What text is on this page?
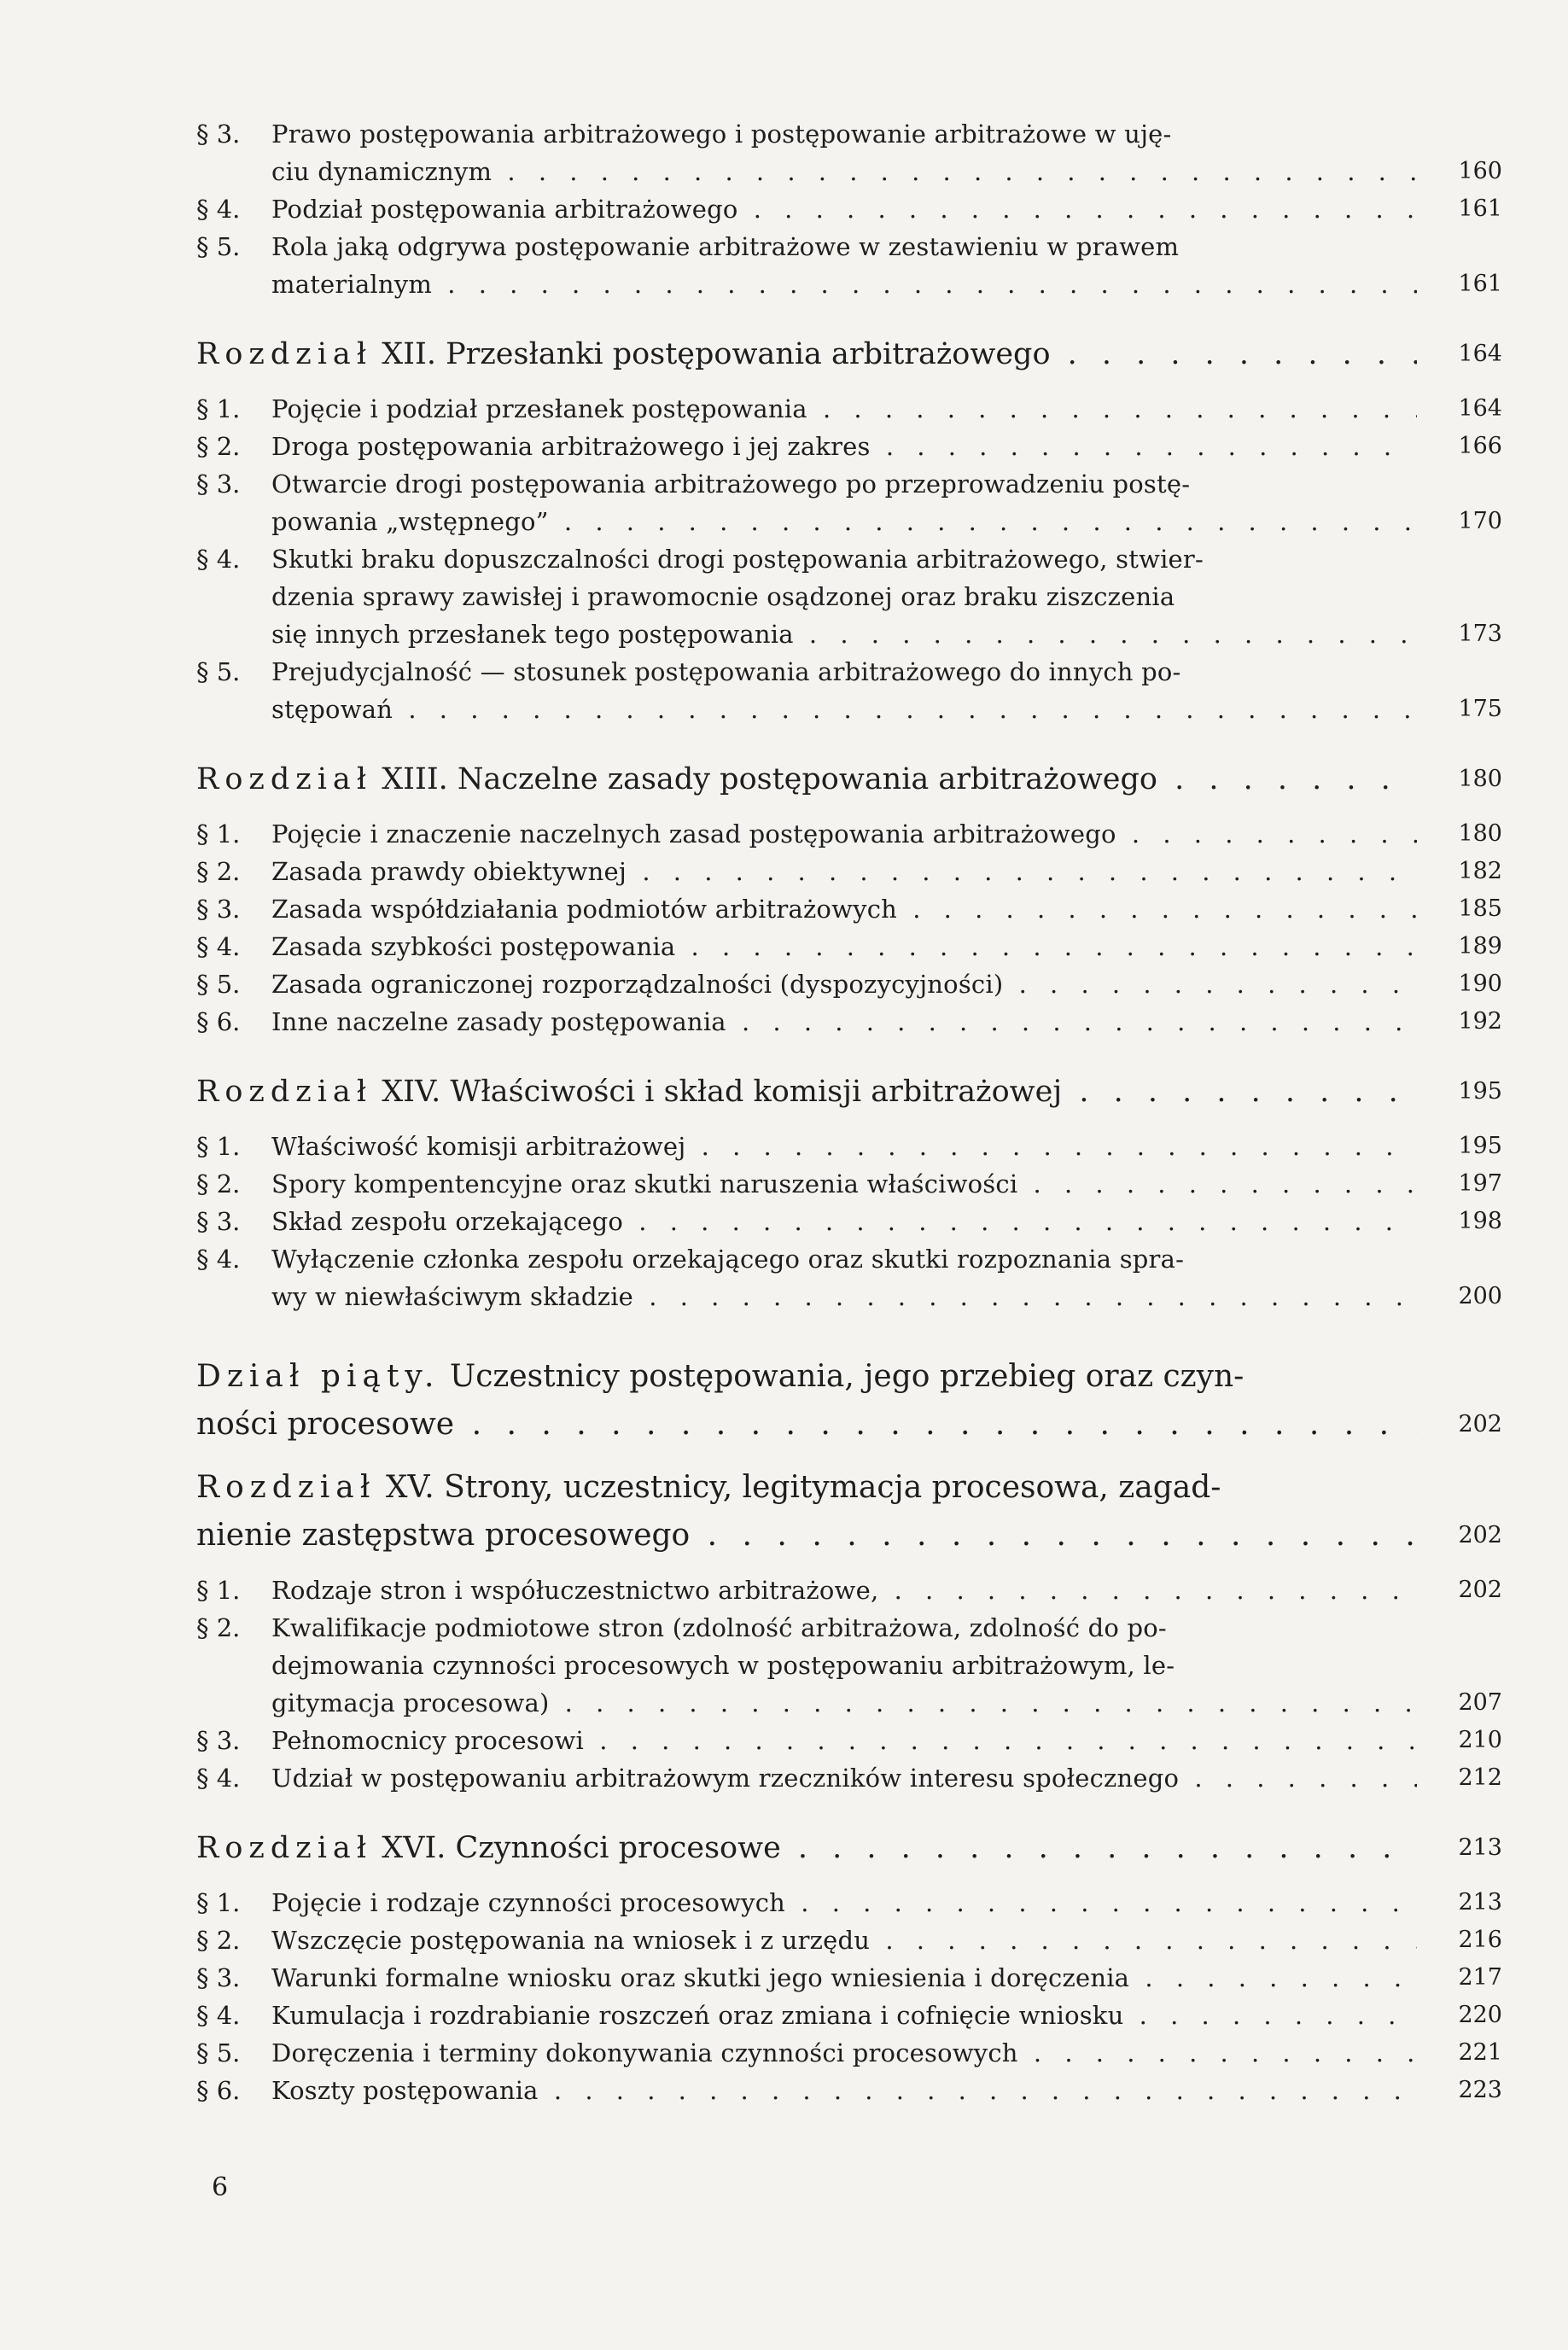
§ 3. Prawo postępowania arbitrażowego i postępowanie arbitrażowe w uję-
ciu dynamicznym . . .	160
§ 4. Podział postępowania arbitrażowego . . .	161
§ 5. Rola jaką odgrywa postępowanie arbitrażowe w zestawieniu w prawem
materialnym . . .	161
Rozdział XII. Przesłanki postępowania arbitrażowego . . .	164
§ 1. Pojęcie i podział przesłanek postępowania . . .	164
§ 2. Droga postępowania arbitrażowego i jej zakres . . .	166
§ 3. Otwarcie drogi postępowania arbitrażowego po przeprowadzeniu postę-
powania „wstępnego” . . .	170
§ 4. Skutki braku dopuszczalności drogi postępowania arbitrażowego, stwier-
dzenia sprawy zawisłej i prawomocnie osądzonej oraz braku ziszczenia
się innych przesłanek tego postępowania . . .	173
§ 5. Prejudycjalność — stosunek postępowania arbitrażowego do innych po-
stępowań . . .	175
Rozdział XIII. Naczelne zasady postępowania arbitrażowego . . .	180
§ 1. Pojęcie i znaczenie naczelnych zasad postępowania arbitrażowego . . .	180
§ 2. Zasada prawdy obiektywnej . . .	182
§ 3. Zasada współdziałania podmiotów arbitrażowych . . .	185
§ 4. Zasada szybkości postępowania . . .	189
§ 5. Zasada ograniczonej rozporządzalności (dyspozycyjności) . . .	190
§ 6. Inne naczelne zasady postępowania . . .	192
Rozdział XIV. Właściwości i skład komisji arbitrażowej . . .	195
§ 1. Właściwość komisji arbitrażowej . . .	195
§ 2. Spory kompentencyjne oraz skutki naruszenia właściwości . . .	197
§ 3. Skład zespołu orzekającego . . .	198
§ 4. Wyłączenie członka zespołu orzekającego oraz skutki rozpoznania spra-
wy w niewłaściwym składzie . . .	200
Dział piąty. Uczestnicy postępowania, jego przebieg oraz czyn-
ności procesowe . . .	202
Rozdział XV. Strony, uczestnicy, legitymacja procesowa, zagad-
nienie zastępstwa procesowego . . .	202
§ 1. Rodzaje stron i współuczestnictwo arbitrażowe, . . .	202
§ 2. Kwalifikacje podmiotowe stron (zdolność arbitrażowa, zdolność do po-
dejmowania czynności procesowych w postępowaniu arbitrażowym, le-
gitymacja procesowa) . . .	207
§ 3. Pełnomocnicy procesowi . . .	210
§ 4. Udział w postępowaniu arbitrażowym rzeczników interesu społecznego . . .	212
Rozdział XVI. Czynności procesowe . . .	213
§ 1. Pojęcie i rodzaje czynności procesowych . . .	213
§ 2. Wszczęcie postępowania na wniosek i z urzędu . . .	216
§ 3. Warunki formalne wniosku oraz skutki jego wniesienia i doręczenia . . .	217
§ 4. Kumulacja i rozdrabianie roszczeń oraz zmiana i cofnięcie wniosku . . .	220
§ 5. Doręczenia i terminy dokonywania czynności procesowych . . .	221
§ 6. Koszty postępowania . . .	223
6
